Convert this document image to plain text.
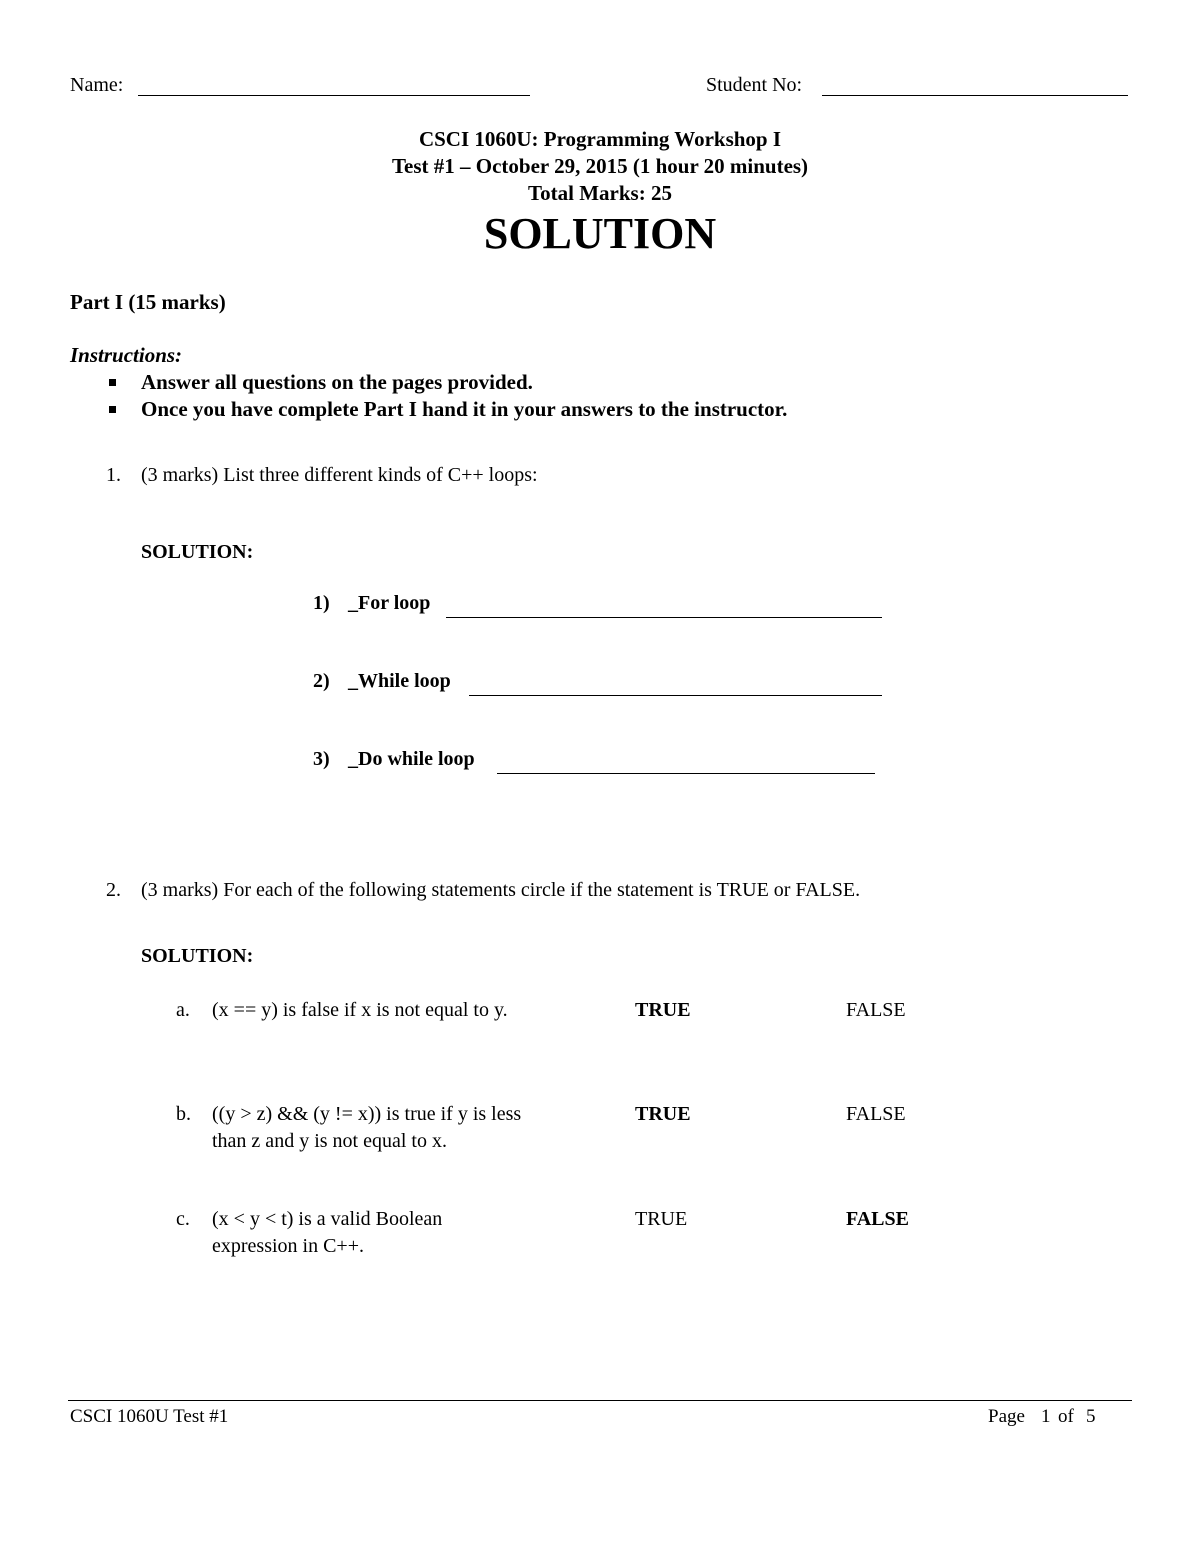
Name:	Student No:
CSCI 1060U: Programming Workshop I
Test #1 – October 29, 2015 (1 hour 20 minutes)
Total Marks: 25
SOLUTION
Part I (15 marks)
Instructions:
Answer all questions on the pages provided.
Once you have complete Part I hand it in your answers to the instructor.
1. (3 marks) List three different kinds of C++ loops:
SOLUTION:
1) _For loop
2) _While loop
3) _Do while loop
2. (3 marks) For each of the following statements circle if the statement is TRUE or FALSE.
SOLUTION:
a. (x == y) is false if x is not equal to y.	TRUE	FALSE
b. ((y > z) && (y != x)) is true if y is less
than z and y is not equal to x.
TRUE	FALSE
c. (x < y < t) is a valid Boolean
expression in C++.
TRUE	FALSE
CSCI 1060U Test #1	Page 1 of 5
